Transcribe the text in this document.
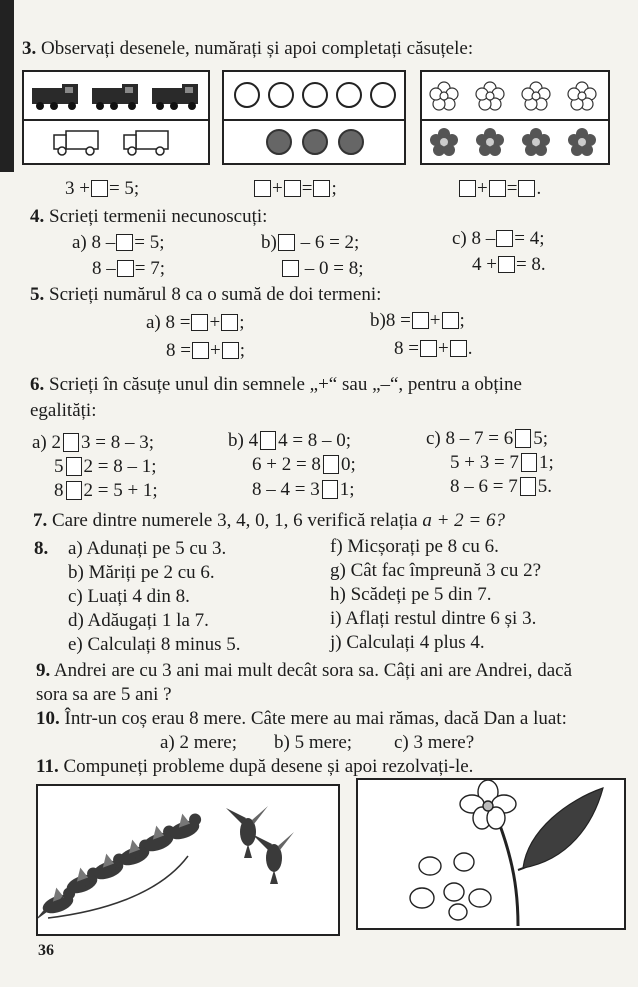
3. Observați desenele, numărați și apoi completați căsuțele:
3 + = 5;	+ = ;	+ = .
4. Scrieți termenii necunoscuți:
a) 8 – = 5;
8 – = 7;
b) – 6 = 2;
– 0 = 8;
c) 8 – = 4;
4 + = 8.
5. Scrieți numărul 8 ca o sumă de doi termeni:
a) 8 = + ;
8 = + ;
b)8 = + ;
8 = + .
6. Scrieți în căsuțe unul din semnele „+“ sau „–“, pentru a obține
egalități:
a) 2 3 = 8 – 3;
5 2 = 8 – 1;
8 2 = 5 + 1;
b) 4 4 = 8 – 0;
6 + 2 = 8 0;
8 – 4 = 3 1;
c) 8 – 7 = 6 5;
5 + 3 = 7 1;
8 – 6 = 7 5.
7. Care dintre numerele 3, 4, 0, 1, 6 verifică relația a + 2 = 6?
8. a) Adunați pe 5 cu 3.
b) Măriți pe 2 cu 6.
c) Luați 4 din 8.
d) Adăugați 1 la 7.
e) Calculați 8 minus 5.
f) Micșorați pe 8 cu 6.
g) Cât fac împreună 3 cu 2?
h) Scădeți pe 5 din 7.
i) Aflați restul dintre 6 și 3.
j) Calculați 4 plus 4.
9. Andrei are cu 3 ani mai mult decât sora sa. Câți ani are Andrei, dacă
sora sa are 5 ani ?
10. Într-un coș erau 8 mere. Câte mere au mai rămas, dacă Dan a luat:
a) 2 mere; b) 5 mere; c) 3 mere?
11. Compuneți probleme după desene și apoi rezolvați-le.
36
